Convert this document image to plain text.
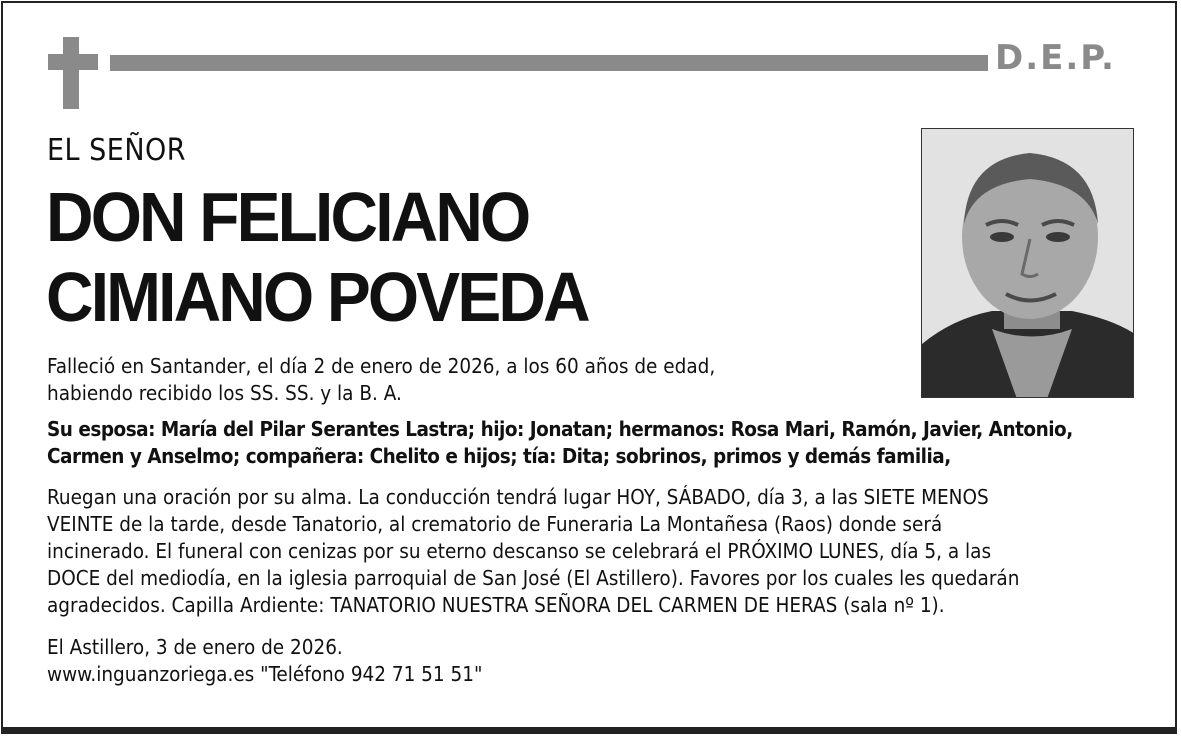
D.E.P.
EL SEÑOR
DON FELICIANO
CIMIANO POVEDA
Falleció en Santander, el día 2 de enero de 2026, a los 60 años de edad,
habiendo recibido los SS. SS. y la B. A.
Su esposa: María del Pilar Serantes Lastra; hijo: Jonatan; hermanos: Rosa Mari, Ramón, Javier, Antonio,
Carmen y Anselmo; compañera: Chelito e hijos; tía: Dita; sobrinos, primos y demás familia,
Ruegan una oración por su alma. La conducción tendrá lugar HOY, SÁBADO, día 3, a las SIETE MENOS
VEINTE de la tarde, desde Tanatorio, al crematorio de Funeraria La Montañesa (Raos) donde será
incinerado. El funeral con cenizas por su eterno descanso se celebrará el PRÓXIMO LUNES, día 5, a las
DOCE del mediodía, en la iglesia parroquial de San José (El Astillero). Favores por los cuales les quedarán
agradecidos. Capilla Ardiente: TANATORIO NUESTRA SEÑORA DEL CARMEN DE HERAS (sala nº 1).
El Astillero, 3 de enero de 2026.
www.inguanzoriega.es "Teléfono 942 71 51 51"
